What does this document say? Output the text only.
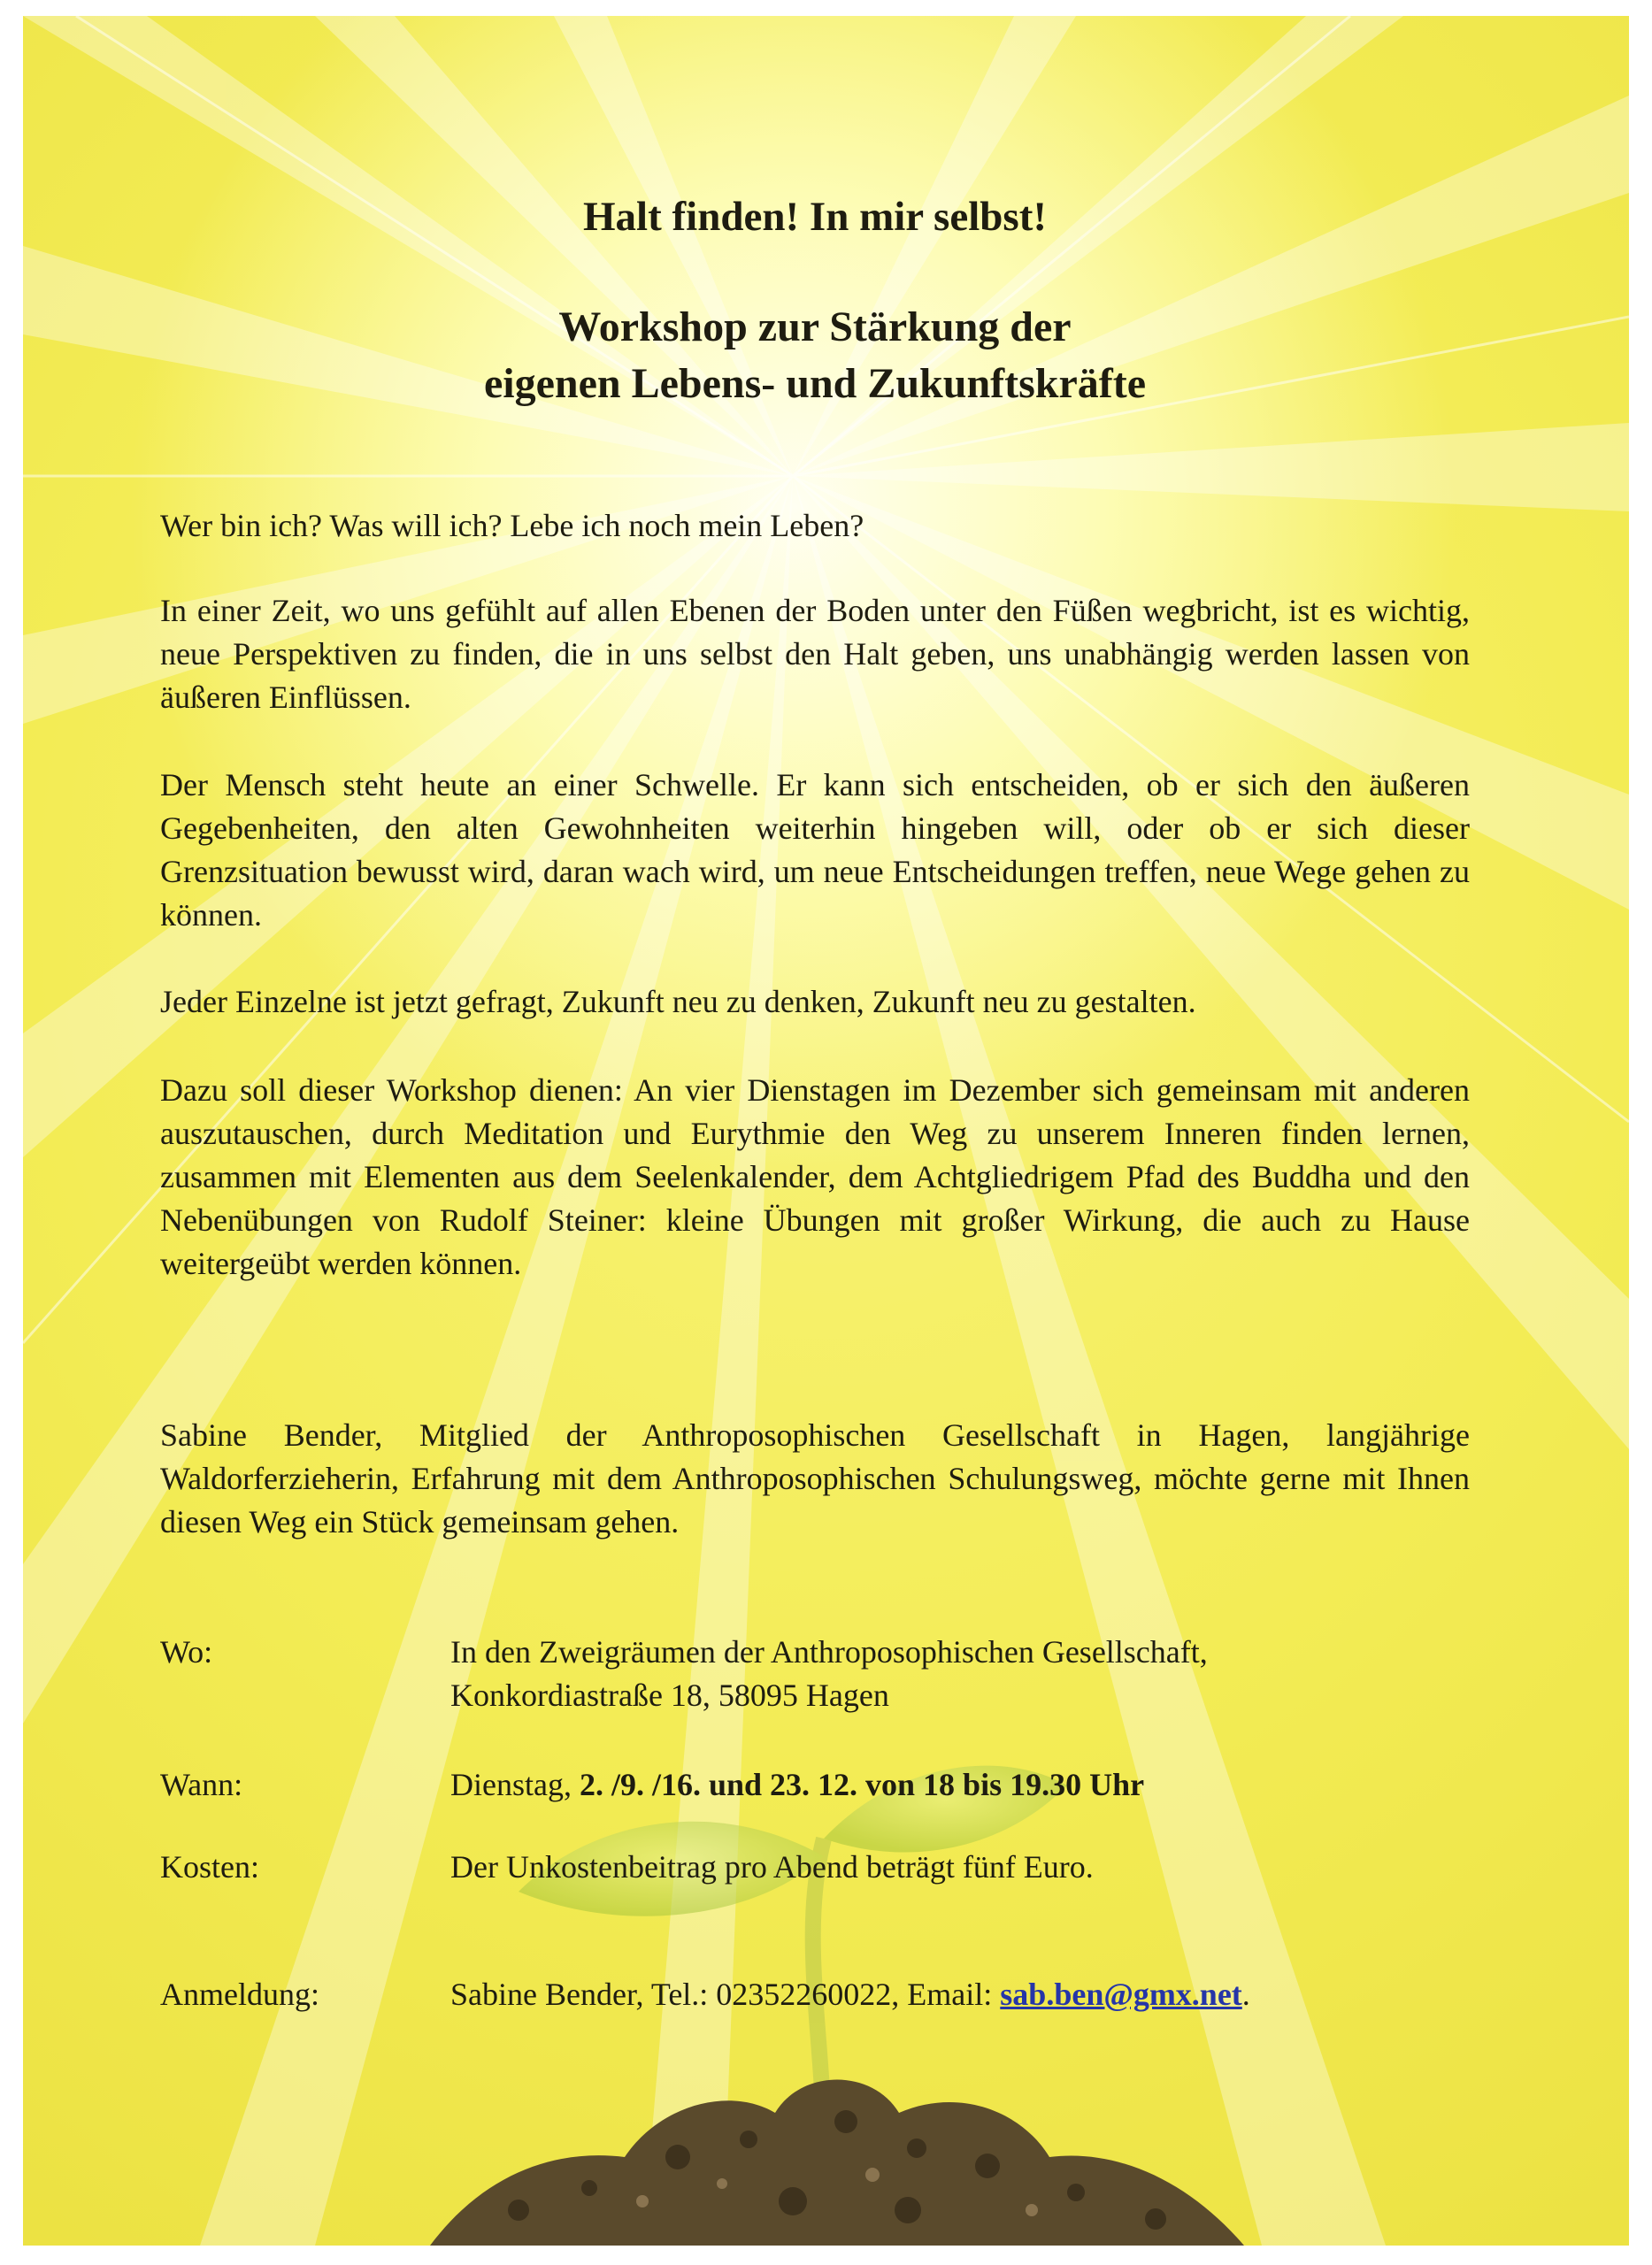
Halt finden! In mir selbst!
Workshop zur Stärkung der
eigenen Lebens- und Zukunftskräfte

Wer bin ich? Was will ich? Lebe ich noch mein Leben?

In einer Zeit, wo uns gefühlt auf allen Ebenen der Boden unter den Füßen wegbricht, ist es wichtig, neue Perspektiven zu finden, die in uns selbst den Halt geben, uns unabhängig werden lassen von äußeren Einflüssen.

Der Mensch steht heute an einer Schwelle. Er kann sich entscheiden, ob er sich den äußeren Gegebenheiten, den alten Gewohnheiten weiterhin hingeben will, oder ob er sich dieser Grenzsituation bewusst wird, daran wach wird, um neue Entscheidungen treffen, neue Wege gehen zu können.

Jeder Einzelne ist jetzt gefragt, Zukunft neu zu denken, Zukunft neu zu gestalten.

Dazu soll dieser Workshop dienen: An vier Dienstagen im Dezember sich gemeinsam mit anderen auszutauschen, durch Meditation und Eurythmie den Weg zu unserem Inneren finden lernen, zusammen mit Elementen aus dem Seelenkalender, dem Achtgliedrigem Pfad des Buddha und den Nebenübungen von Rudolf Steiner: kleine Übungen mit großer Wirkung, die auch zu Hause weitergeübt werden können.

Sabine Bender, Mitglied der Anthroposophischen Gesellschaft in Hagen, langjährige Waldorferzieherin, Erfahrung mit dem Anthroposophischen Schulungsweg, möchte gerne mit Ihnen diesen Weg ein Stück gemeinsam gehen.

Wo:	In den Zweigräumen der Anthroposophischen Gesellschaft,
Konkordiastraße 18, 58095 Hagen
Wann:	Dienstag, 2. /9. /16. und 23. 12. von 18 bis 19.30 Uhr
Kosten:	Der Unkostenbeitrag pro Abend beträgt fünf Euro.
Anmeldung:	Sabine Bender, Tel.: 02352260022, Email: sab.ben@gmx.net.
